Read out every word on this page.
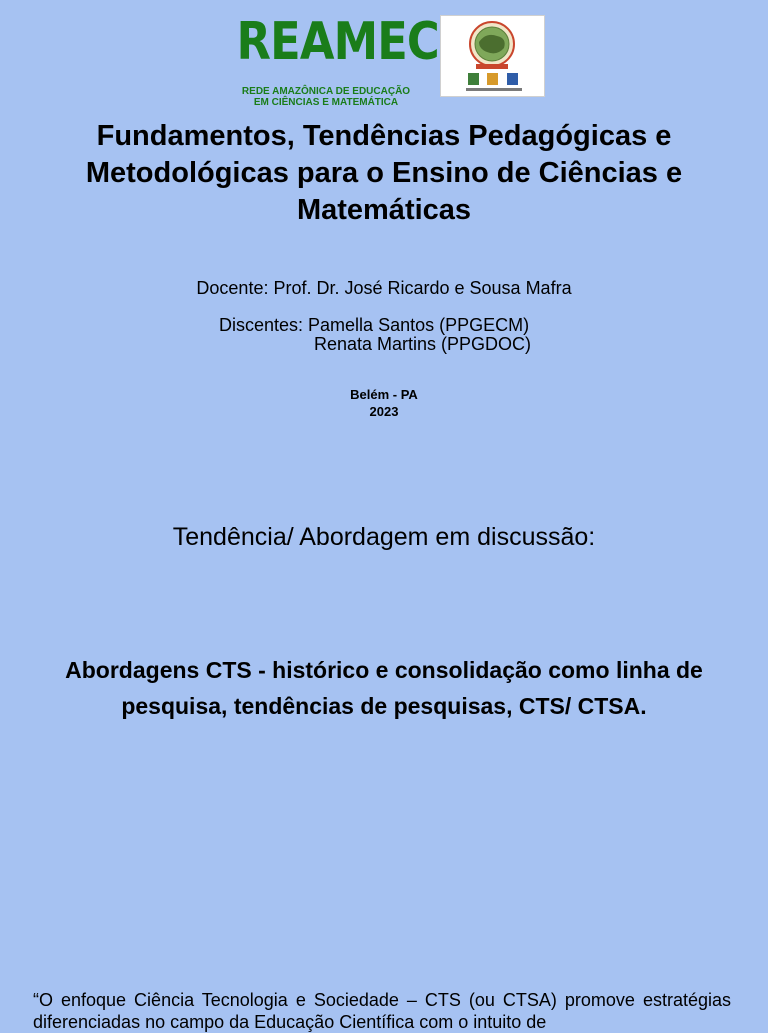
REAMEC
REDE AMAZÔNICA DE EDUCAÇÃO
EM CIÊNCIAS E MATEMÁTICA
Fundamentos, Tendências Pedagógicas e Metodológicas para o Ensino de Ciências e Matemáticas
Docente: Prof. Dr. José Ricardo e Sousa Mafra
Discentes: Pamella Santos (PPGECM)
Renata Martins (PPGDOC)
Belém - PA
2023
Tendência/ Abordagem em discussão:
Abordagens CTS - histórico e consolidação como linha de pesquisa, tendências de pesquisas, CTS/ CTSA.
“O enfoque Ciência Tecnologia e Sociedade – CTS (ou CTSA) promove estratégias diferenciadas no campo da Educação Científica com o intuito de
